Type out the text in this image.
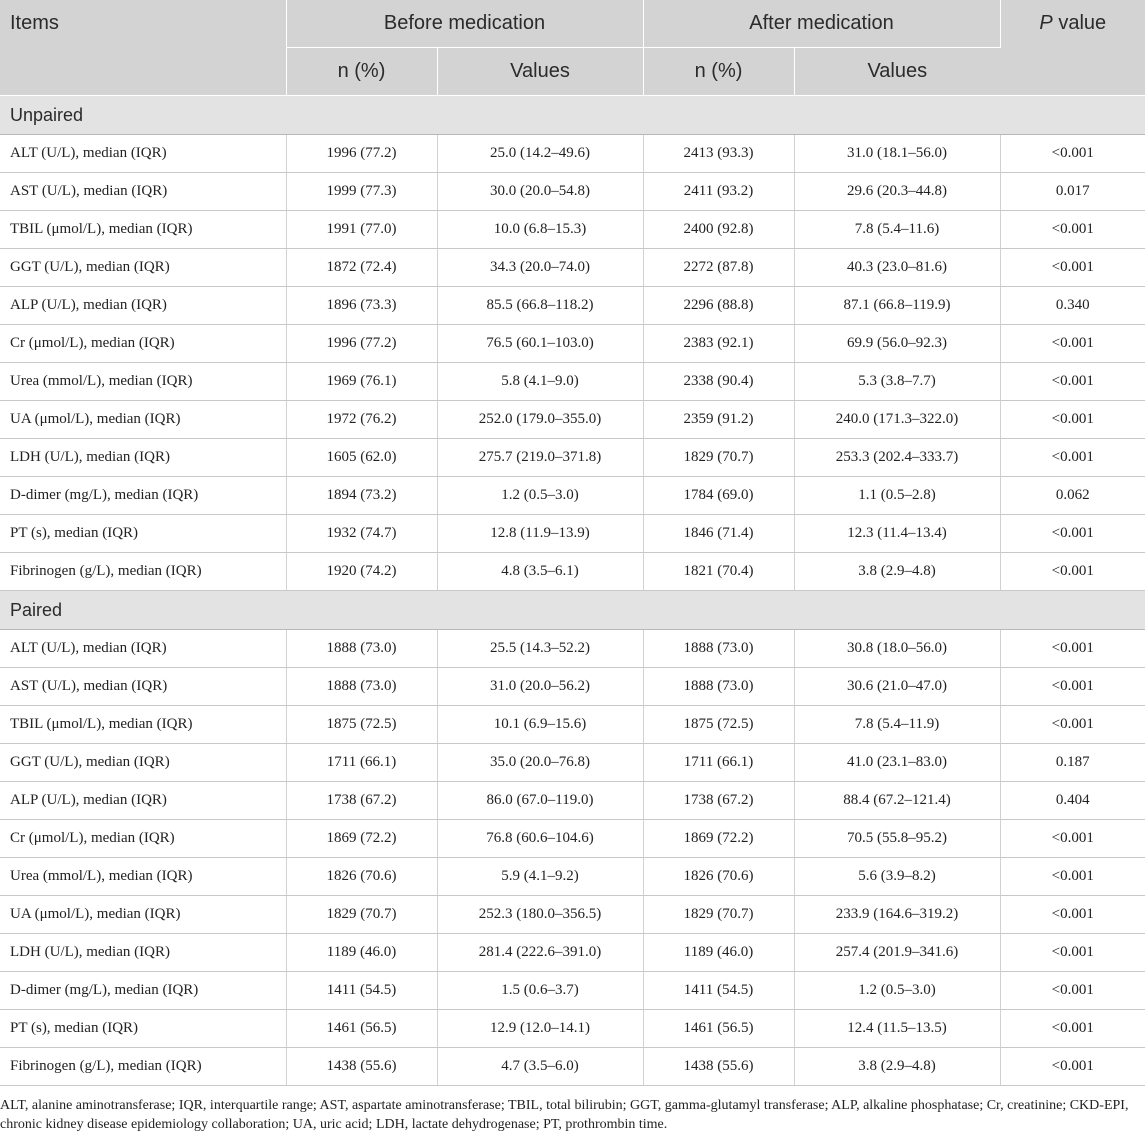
Items	Before medication		After medication		P value
	n (%)	Values	n (%)	Values	
Unpaired					
ALT (U/L), median (IQR)	1996 (77.2)	25.0 (14.2–49.6)	2413 (93.3)	31.0 (18.1–56.0)	<0.001
AST (U/L), median (IQR)	1999 (77.3)	30.0 (20.0–54.8)	2411 (93.2)	29.6 (20.3–44.8)	0.017
TBIL (μmol/L), median (IQR)	1991 (77.0)	10.0 (6.8–15.3)	2400 (92.8)	7.8 (5.4–11.6)	<0.001
GGT (U/L), median (IQR)	1872 (72.4)	34.3 (20.0–74.0)	2272 (87.8)	40.3 (23.0–81.6)	<0.001
ALP (U/L), median (IQR)	1896 (73.3)	85.5 (66.8–118.2)	2296 (88.8)	87.1 (66.8–119.9)	0.340
Cr (μmol/L), median (IQR)	1996 (77.2)	76.5 (60.1–103.0)	2383 (92.1)	69.9 (56.0–92.3)	<0.001
Urea (mmol/L), median (IQR)	1969 (76.1)	5.8 (4.1–9.0)	2338 (90.4)	5.3 (3.8–7.7)	<0.001
UA (μmol/L), median (IQR)	1972 (76.2)	252.0 (179.0–355.0)	2359 (91.2)	240.0 (171.3–322.0)	<0.001
LDH (U/L), median (IQR)	1605 (62.0)	275.7 (219.0–371.8)	1829 (70.7)	253.3 (202.4–333.7)	<0.001
D-dimer (mg/L), median (IQR)	1894 (73.2)	1.2 (0.5–3.0)	1784 (69.0)	1.1 (0.5–2.8)	0.062
PT (s), median (IQR)	1932 (74.7)	12.8 (11.9–13.9)	1846 (71.4)	12.3 (11.4–13.4)	<0.001
Fibrinogen (g/L), median (IQR)	1920 (74.2)	4.8 (3.5–6.1)	1821 (70.4)	3.8 (2.9–4.8)	<0.001
Paired					
ALT (U/L), median (IQR)	1888 (73.0)	25.5 (14.3–52.2)	1888 (73.0)	30.8 (18.0–56.0)	<0.001
AST (U/L), median (IQR)	1888 (73.0)	31.0 (20.0–56.2)	1888 (73.0)	30.6 (21.0–47.0)	<0.001
TBIL (μmol/L), median (IQR)	1875 (72.5)	10.1 (6.9–15.6)	1875 (72.5)	7.8 (5.4–11.9)	<0.001
GGT (U/L), median (IQR)	1711 (66.1)	35.0 (20.0–76.8)	1711 (66.1)	41.0 (23.1–83.0)	0.187
ALP (U/L), median (IQR)	1738 (67.2)	86.0 (67.0–119.0)	1738 (67.2)	88.4 (67.2–121.4)	0.404
Cr (μmol/L), median (IQR)	1869 (72.2)	76.8 (60.6–104.6)	1869 (72.2)	70.5 (55.8–95.2)	<0.001
Urea (mmol/L), median (IQR)	1826 (70.6)	5.9 (4.1–9.2)	1826 (70.6)	5.6 (3.9–8.2)	<0.001
UA (μmol/L), median (IQR)	1829 (70.7)	252.3 (180.0–356.5)	1829 (70.7)	233.9 (164.6–319.2)	<0.001
LDH (U/L), median (IQR)	1189 (46.0)	281.4 (222.6–391.0)	1189 (46.0)	257.4 (201.9–341.6)	<0.001
D-dimer (mg/L), median (IQR)	1411 (54.5)	1.5 (0.6–3.7)	1411 (54.5)	1.2 (0.5–3.0)	<0.001
PT (s), median (IQR)	1461 (56.5)	12.9 (12.0–14.1)	1461 (56.5)	12.4 (11.5–13.5)	<0.001
Fibrinogen (g/L), median (IQR)	1438 (55.6)	4.7 (3.5–6.0)	1438 (55.6)	3.8 (2.9–4.8)	<0.001

ALT, alanine aminotransferase; IQR, interquartile range; AST, aspartate aminotransferase; TBIL, total bilirubin; GGT, gamma-glutamyl transferase; ALP, alkaline phosphatase; Cr, creatinine; CKD-EPI, chronic kidney disease epidemiology collaboration; UA, uric acid; LDH, lactate dehydrogenase; PT, prothrombin time.
